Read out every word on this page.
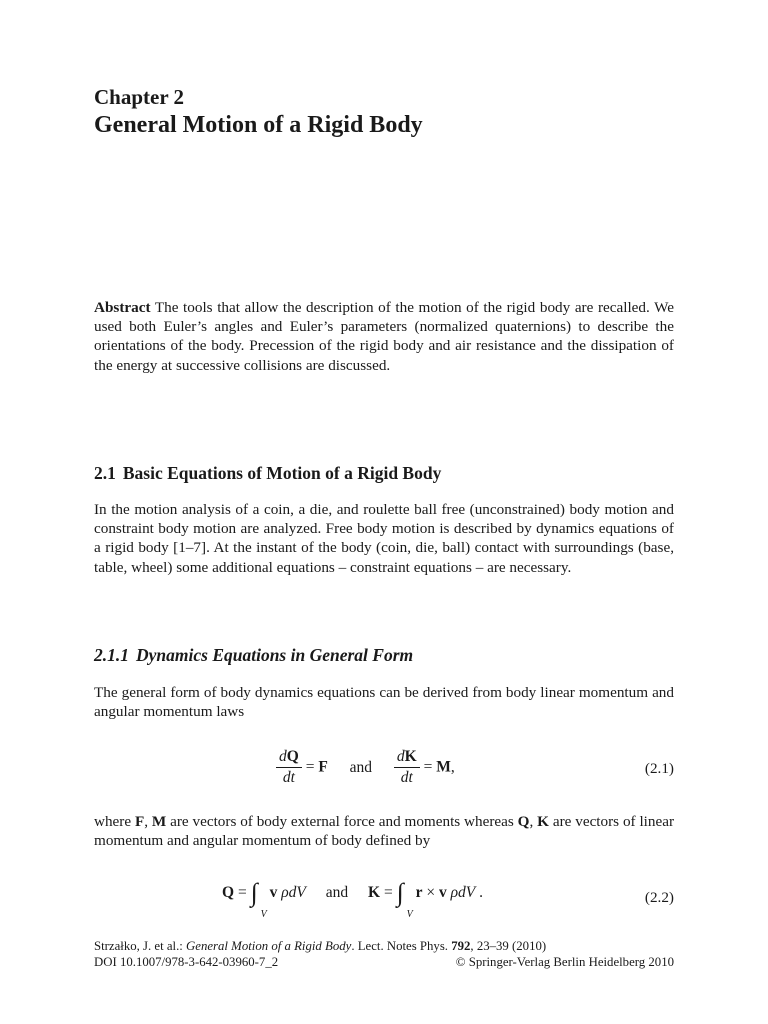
Chapter 2
General Motion of a Rigid Body

Abstract The tools that allow the description of the motion of the rigid body are recalled. We used both Euler’s angles and Euler’s parameters (normalized quaternions) to describe the orientations of the body. Precession of the rigid body and air resistance and the dissipation of the energy at successive collisions are discussed.

2.1 Basic Equations of Motion of a Rigid Body

In the motion analysis of a coin, a die, and roulette ball free (unconstrained) body motion and constraint body motion are analyzed. Free body motion is described by dynamics equations of a rigid body [1–7]. At the instant of the body (coin, die, ball) contact with surroundings (base, table, wheel) some additional equations – constraint equations – are necessary.

2.1.1 Dynamics Equations in General Form

The general form of body dynamics equations can be derived from body linear momentum and angular momentum laws

$\frac{dQ}{dt} = F$ and $\frac{dK}{dt} = M$,	(2.1)

where F, M are vectors of body external force and moments whereas Q, K are vectors of linear momentum and angular momentum of body defined by

Q = ∫
V
v ρdV and K = ∫
V
r × v ρdV .	(2.2)
Strzałko, J. et al.: General Motion of a Rigid Body. Lect. Notes Phys. 792, 23–39 (2010)
DOI 10.1007/978-3-642-03960-7_2	© Springer-Verlag Berlin Heidelberg 2010
